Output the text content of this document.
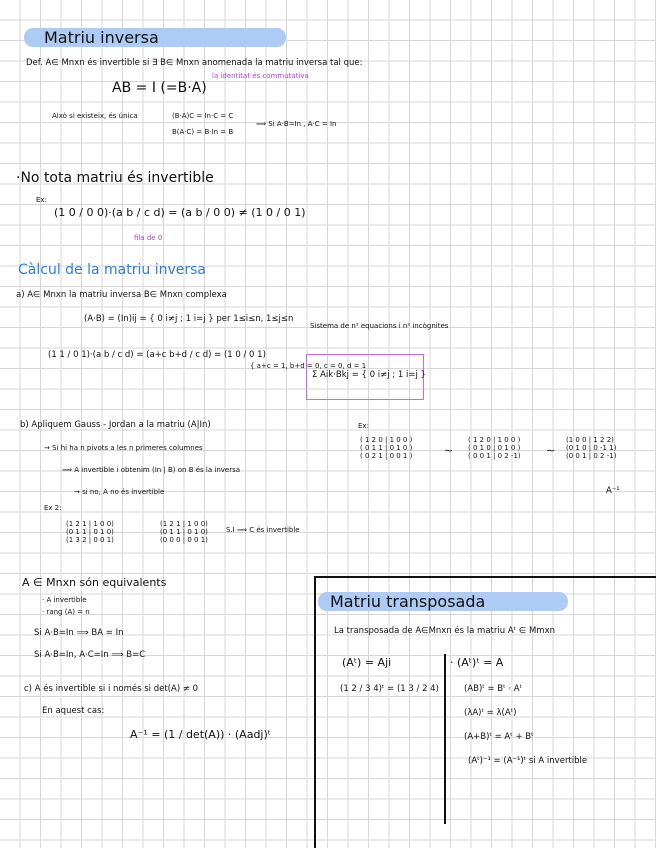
Matriu inversa
Def. A∈ Mnxn és invertible si ∃ B∈ Mnxn anomenada la matriu inversa tal que:
la identitat és commutativa
AB = I (=B·A)
Això si existeix, és única	(B·A)C = In·C = C
B(A·C) = B·In = B
⟹ Si A·B=In , A·C = In
·No tota matriu és invertible
Ex:
(1 0 / 0 0)·(a b / c d) = (a b / 0 0) ≠ (1 0 / 0 1)
fila de 0
Càlcul de la matriu inversa
a) A∈ Mnxn la matriu inversa B∈ Mnxn complexa
(A·B) = (In)ij = { 0 i≠j ; 1 i=j } per 1≤i≤n, 1≤j≤n
Sistema de n² equacions i n² incògnites
(1 1 / 0 1)·(a b / c d) = (a+c b+d / c d) = (1 0 / 0 1)
{ a+c = 1, b+d = 0, c = 0, d = 1
Σ Aik·Bkj = { 0 i≠j ; 1 i=j }
b) Apliquem Gauss - Jordan a la matriu (A|In)
→ Si hi ha n pivots a les n primeres columnes
⟹ A invertible i obtenim (In | B) on B és la inversa
→ si no, A no és invertible
Ex:
( 1 2 0 | 1 0 0 )
( 0 1 1 | 0 1 0 )
( 0 2 1 | 0 0 1 )	∼
( 1 2 0 | 1 0 0 )
( 0 1 0 | 0 1 0 )
( 0 0 1 | 0 2 -1) ∼
(1 0 0 | 1 2 2)
(0 1 0 | 0 -1 1)
(0 0 1 | 0 2 -1)
A⁻¹
Ex 2:
(1 2 1 | 1 0 0)
(0 1 1 | 0 1 0)
(1 3 2 | 0 0 1)
(1 2 1 | 1 0 0)
(0 1 1 | 0 1 0)
(0 0 0 | 0 0 1)
S.I ⟹ C és invertible
A ∈ Mnxn són equivalents
· A invertible
· rang (A) = n
Si A·B=In ⟹ BA = In
Si A·B=In, A·C=In ⟹ B=C
c) A és invertible si i només si det(A) ≠ 0
En aquest cas:
A⁻¹ = (1 / det(A)) · (Aadj)ᵗ
Matriu transposada
La transposada de A∈Mnxn és la matriu Aᵗ ∈ Mmxn
(Aᵗ) = Aji
(1 2 / 3 4)ᵗ = (1 3 / 2 4)
· (Aᵗ)ᵗ = A
(AB)ᵗ = Bᵗ · Aᵗ
(λA)ᵗ = λ(Aᵗ)
(A+B)ᵗ = Aᵗ + Bᵗ
(Aᵗ)⁻¹ = (A⁻¹)ᵗ si A invertible
